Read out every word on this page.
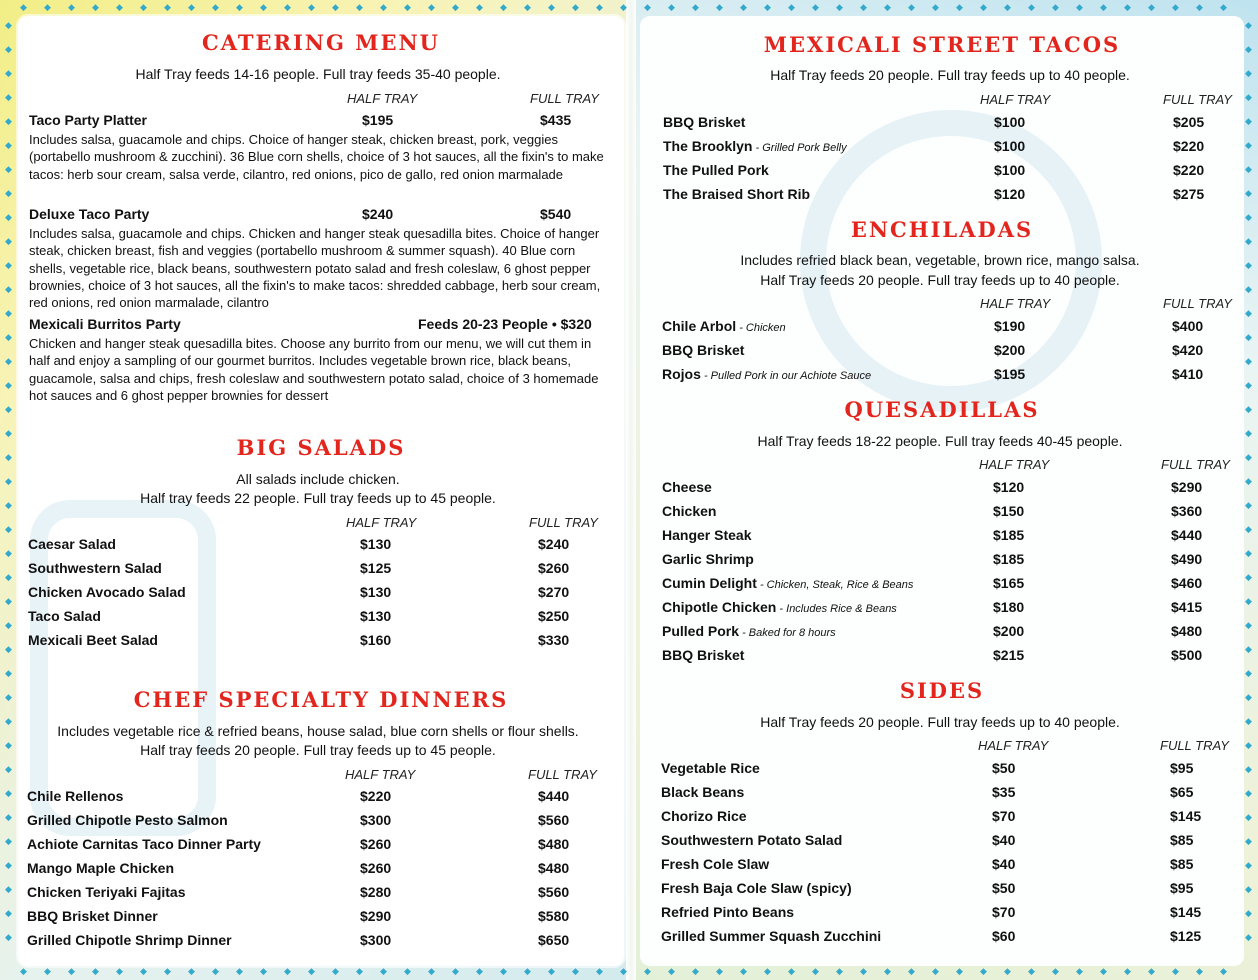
CATERING MENU
Half Tray feeds 14-16 people. Full tray feeds 35-40 people.
HALF TRAY	FULL TRAY
Taco Party Platter	$195	$435
Includes salsa, guacamole and chips. Choice of hanger steak, chicken breast, pork, veggies (portabello mushroom & zucchini). 36 Blue corn shells, choice of 3 hot sauces, all the fixin's to make tacos: herb sour cream, salsa verde, cilantro, red onions, pico de gallo, red onion marmalade
Deluxe Taco Party	$240	$540
Includes salsa, guacamole and chips. Chicken and hanger steak quesadilla bites. Choice of hanger steak, chicken breast, fish and veggies (portabello mushroom & summer squash). 40 Blue corn shells, vegetable rice, black beans, southwestern potato salad and fresh coleslaw, 6 ghost pepper brownies, choice of 3 hot sauces, all the fixin's to make tacos: shredded cabbage, herb sour cream, red onions, red onion marmalade, cilantro
Mexicali Burritos Party	Feeds 20-23 People • $320
Chicken and hanger steak quesadilla bites. Choose any burrito from our menu, we will cut them in half and enjoy a sampling of our gourmet burritos. Includes vegetable brown rice, black beans, guacamole, salsa and chips, fresh coleslaw and southwestern potato salad, choice of 3 homemade hot sauces and 6 ghost pepper brownies for dessert
BIG SALADS
All salads include chicken.
Half tray feeds 22 people. Full tray feeds up to 45 people.
HALF TRAY	FULL TRAY
Caesar Salad	$130	$240
Southwestern Salad	$125	$260
Chicken Avocado Salad	$130	$270
Taco Salad	$130	$250
Mexicali Beet Salad	$160	$330
CHEF SPECIALTY DINNERS
Includes vegetable rice & refried beans, house salad, blue corn shells or flour shells.
Half tray feeds 20 people. Full tray feeds up to 45 people.
HALF TRAY	FULL TRAY
Chile Rellenos	$220	$440
Grilled Chipotle Pesto Salmon	$300	$560
Achiote Carnitas Taco Dinner Party	$260	$480
Mango Maple Chicken	$260	$480
Chicken Teriyaki Fajitas	$280	$560
BBQ Brisket Dinner	$290	$580
Grilled Chipotle Shrimp Dinner	$300	$650
MEXICALI STREET TACOS
Half Tray feeds 20 people. Full tray feeds up to 40 people.
HALF TRAY	FULL TRAY
BBQ Brisket	$100	$205
The Brooklyn - Grilled Pork Belly	$100	$220
The Pulled Pork	$100	$220
The Braised Short Rib	$120	$275
ENCHILADAS
Includes refried black bean, vegetable, brown rice, mango salsa.
Half Tray feeds 20 people. Full tray feeds up to 40 people.
HALF TRAY	FULL TRAY
Chile Arbol - Chicken	$190	$400
BBQ Brisket	$200	$420
Rojos - Pulled Pork in our Achiote Sauce	$195	$410
QUESADILLAS
Half Tray feeds 18-22 people. Full tray feeds 40-45 people.
HALF TRAY	FULL TRAY
Cheese	$120	$290
Chicken	$150	$360
Hanger Steak	$185	$440
Garlic Shrimp	$185	$490
Cumin Delight - Chicken, Steak, Rice & Beans	$165	$460
Chipotle Chicken - Includes Rice & Beans	$180	$415
Pulled Pork - Baked for 8 hours	$200	$480
BBQ Brisket	$215	$500
SIDES
Half Tray feeds 20 people. Full tray feeds up to 40 people.
HALF TRAY	FULL TRAY
Vegetable Rice	$50	$95
Black Beans	$35	$65
Chorizo Rice	$70	$145
Southwestern Potato Salad	$40	$85
Fresh Cole Slaw	$40	$85
Fresh Baja Cole Slaw (spicy)	$50	$95
Refried Pinto Beans	$70	$145
Grilled Summer Squash Zucchini	$60	$125
◆
◆
◆
◆
◆
◆
◆
◆
◆
◆
◆
◆
◆
◆
◆
◆
◆
◆
◆
◆
◆
◆
◆
◆
◆
◆
◆
◆
◆
◆
◆
◆
◆
◆
◆
◆
◆
◆
◆
◆
◆
◆
◆
◆
◆
◆
◆
◆
◆
◆
◆
◆
◆
◆
◆
◆
◆
◆
◆
◆
◆
◆
◆
◆
◆
◆
◆
◆
◆
◆
◆
◆
◆
◆
◆
◆
◆
◆
◆ ◆ ◆ ◆ ◆ ◆ ◆ ◆ ◆ ◆ ◆ ◆ ◆ ◆ ◆ ◆ ◆ ◆ ◆ ◆ ◆ ◆ ◆ ◆ ◆ ◆ ◆ ◆ ◆ ◆ ◆ ◆ ◆ ◆ ◆ ◆ ◆ ◆ ◆ ◆ ◆ ◆ ◆ ◆ ◆ ◆ ◆ ◆ ◆ ◆ ◆
◆ ◆ ◆ ◆ ◆ ◆ ◆ ◆ ◆ ◆ ◆ ◆ ◆ ◆ ◆ ◆ ◆ ◆ ◆ ◆ ◆ ◆ ◆ ◆ ◆ ◆ ◆ ◆ ◆ ◆ ◆ ◆ ◆ ◆ ◆ ◆ ◆ ◆ ◆ ◆ ◆ ◆ ◆ ◆ ◆ ◆ ◆ ◆ ◆ ◆ ◆
